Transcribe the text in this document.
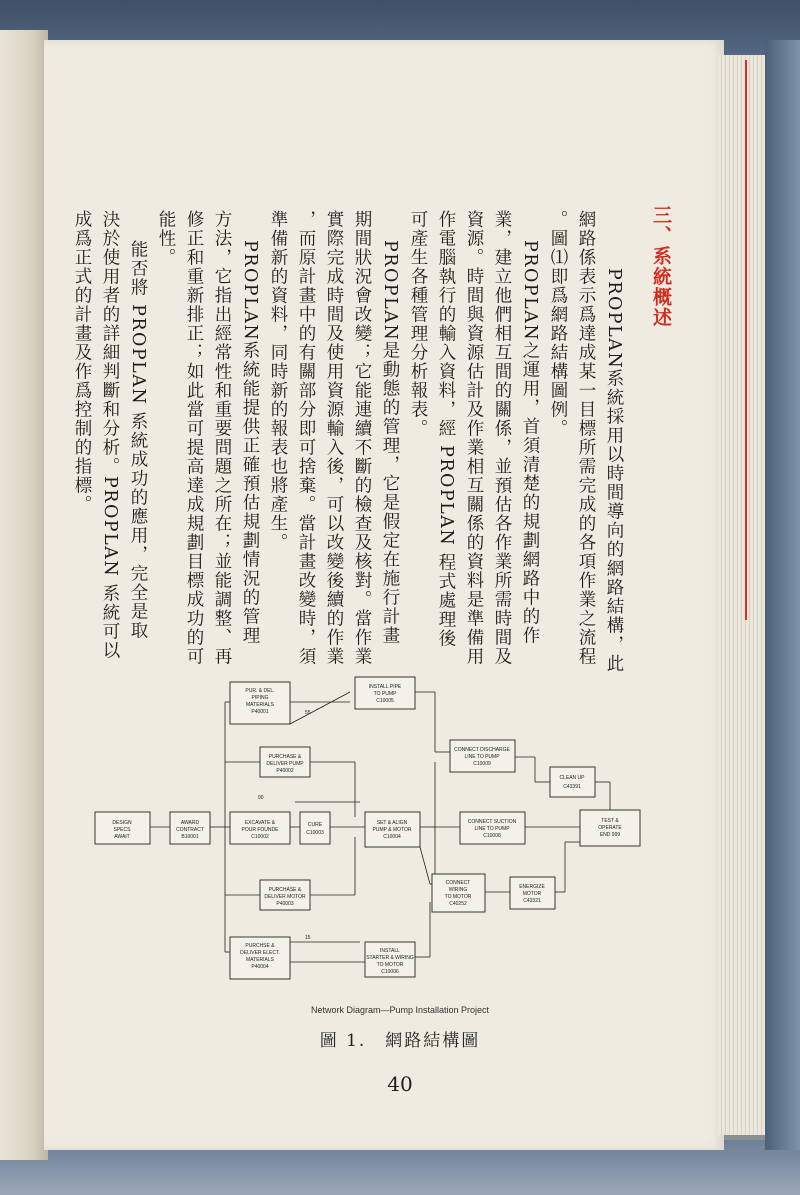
三、系統概述
PROPLAN系統採用以時間導向的網路結構，此
網路係表示爲達成某一目標所需完成的各項作業之流程
。圖⑴即爲網路結構圖例。
PROPLAN之運用，首須清楚的規劃網路中的作
業，建立他們相互間的關係，並預估各作業所需時間及
資源。時間與資源估計及作業相互關係的資料是準備用
作電腦執行的輸入資料，經 PROPLAN 程式處理後
可產生各種管理分析報表。
PROPLAN是動態的管理，它是假定在施行計畫
期間狀況會改變；它能連續不斷的檢查及核對。當作業
實際完成時間及使用資源輸入後，可以改變後續的作業
，而原計畫中的有關部分即可捨棄。當計畫改變時，須
準備新的資料，同時新的報表也將產生。
PROPLAN系統能提供正確預估規劃情況的管理
方法，它指出經常性和重要問題之所在；並能調整、再
修正和重新排正；如此當可提高達成規劃目標成功的可
能性。
能否將 PROPLAN 系統成功的應用，完全是取
決於使用者的詳細判斷和分析。PROPLAN 系統可以
成爲正式的計畫及作爲控制的指標。
DESIGN SPECS AWAIT
AWARD CONTRACT B10001
PUR. & DEL. PIPING MATERIALS P40001
PURCHASE & DELIVER PUMP P40002
EXCAVATE & POUR FOUNDE C10002
CURE C10003
PURCHASE & DELIVER MOTOR P40003
PURCHSE & DELIVER ELECT. MATERIALS P40004
INSTALL PIPE TO PUMP C10005
SET & ALIGN PUMP & MOTOR C10004
INSTALL STARTER & WIRING TO MOTOR C10006
CONNECT DISCHARGE LINE TO PUMP C10009
CONNECT SUCTION LINE TO PUMP C10008
CONNECT WIRING TO MOTOR C40252
CLEAN UP C43391
ENERGIZE MOTOR C43321
TEST & OPERATE END 999
55
90
15
Network Diagram—Pump Installation Project
圖 1.　網路結構圖
40
